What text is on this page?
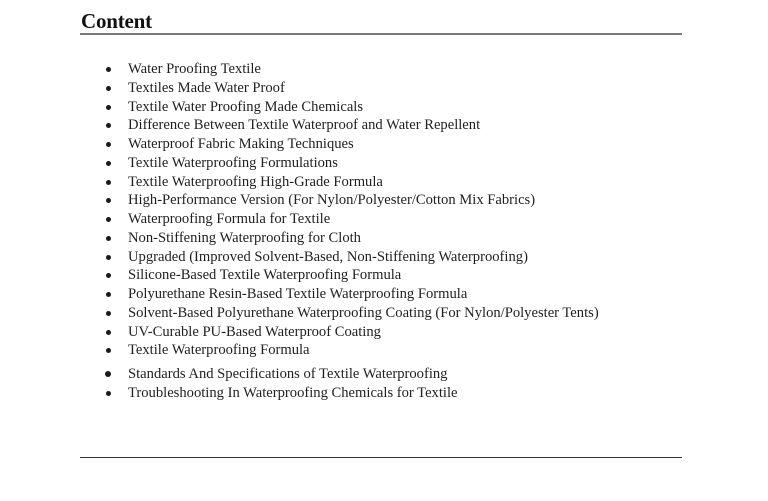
Content
Water Proofing Textile
Textiles Made Water Proof
Textile Water Proofing Made Chemicals
Difference Between Textile Waterproof and Water Repellent
Waterproof Fabric Making Techniques
Textile Waterproofing Formulations
Textile Waterproofing High-Grade Formula
High-Performance Version (For Nylon/Polyester/Cotton Mix Fabrics)
Waterproofing Formula for Textile
Non-Stiffening Waterproofing for Cloth
Upgraded (Improved Solvent-Based, Non-Stiffening Waterproofing)
Silicone-Based Textile Waterproofing Formula
Polyurethane Resin-Based Textile Waterproofing Formula
Solvent-Based Polyurethane Waterproofing Coating (For Nylon/Polyester Tents)
UV-Curable PU-Based Waterproof Coating
Textile Waterproofing Formula
Standards And Specifications of Textile Waterproofing
Troubleshooting In Waterproofing Chemicals for Textile
